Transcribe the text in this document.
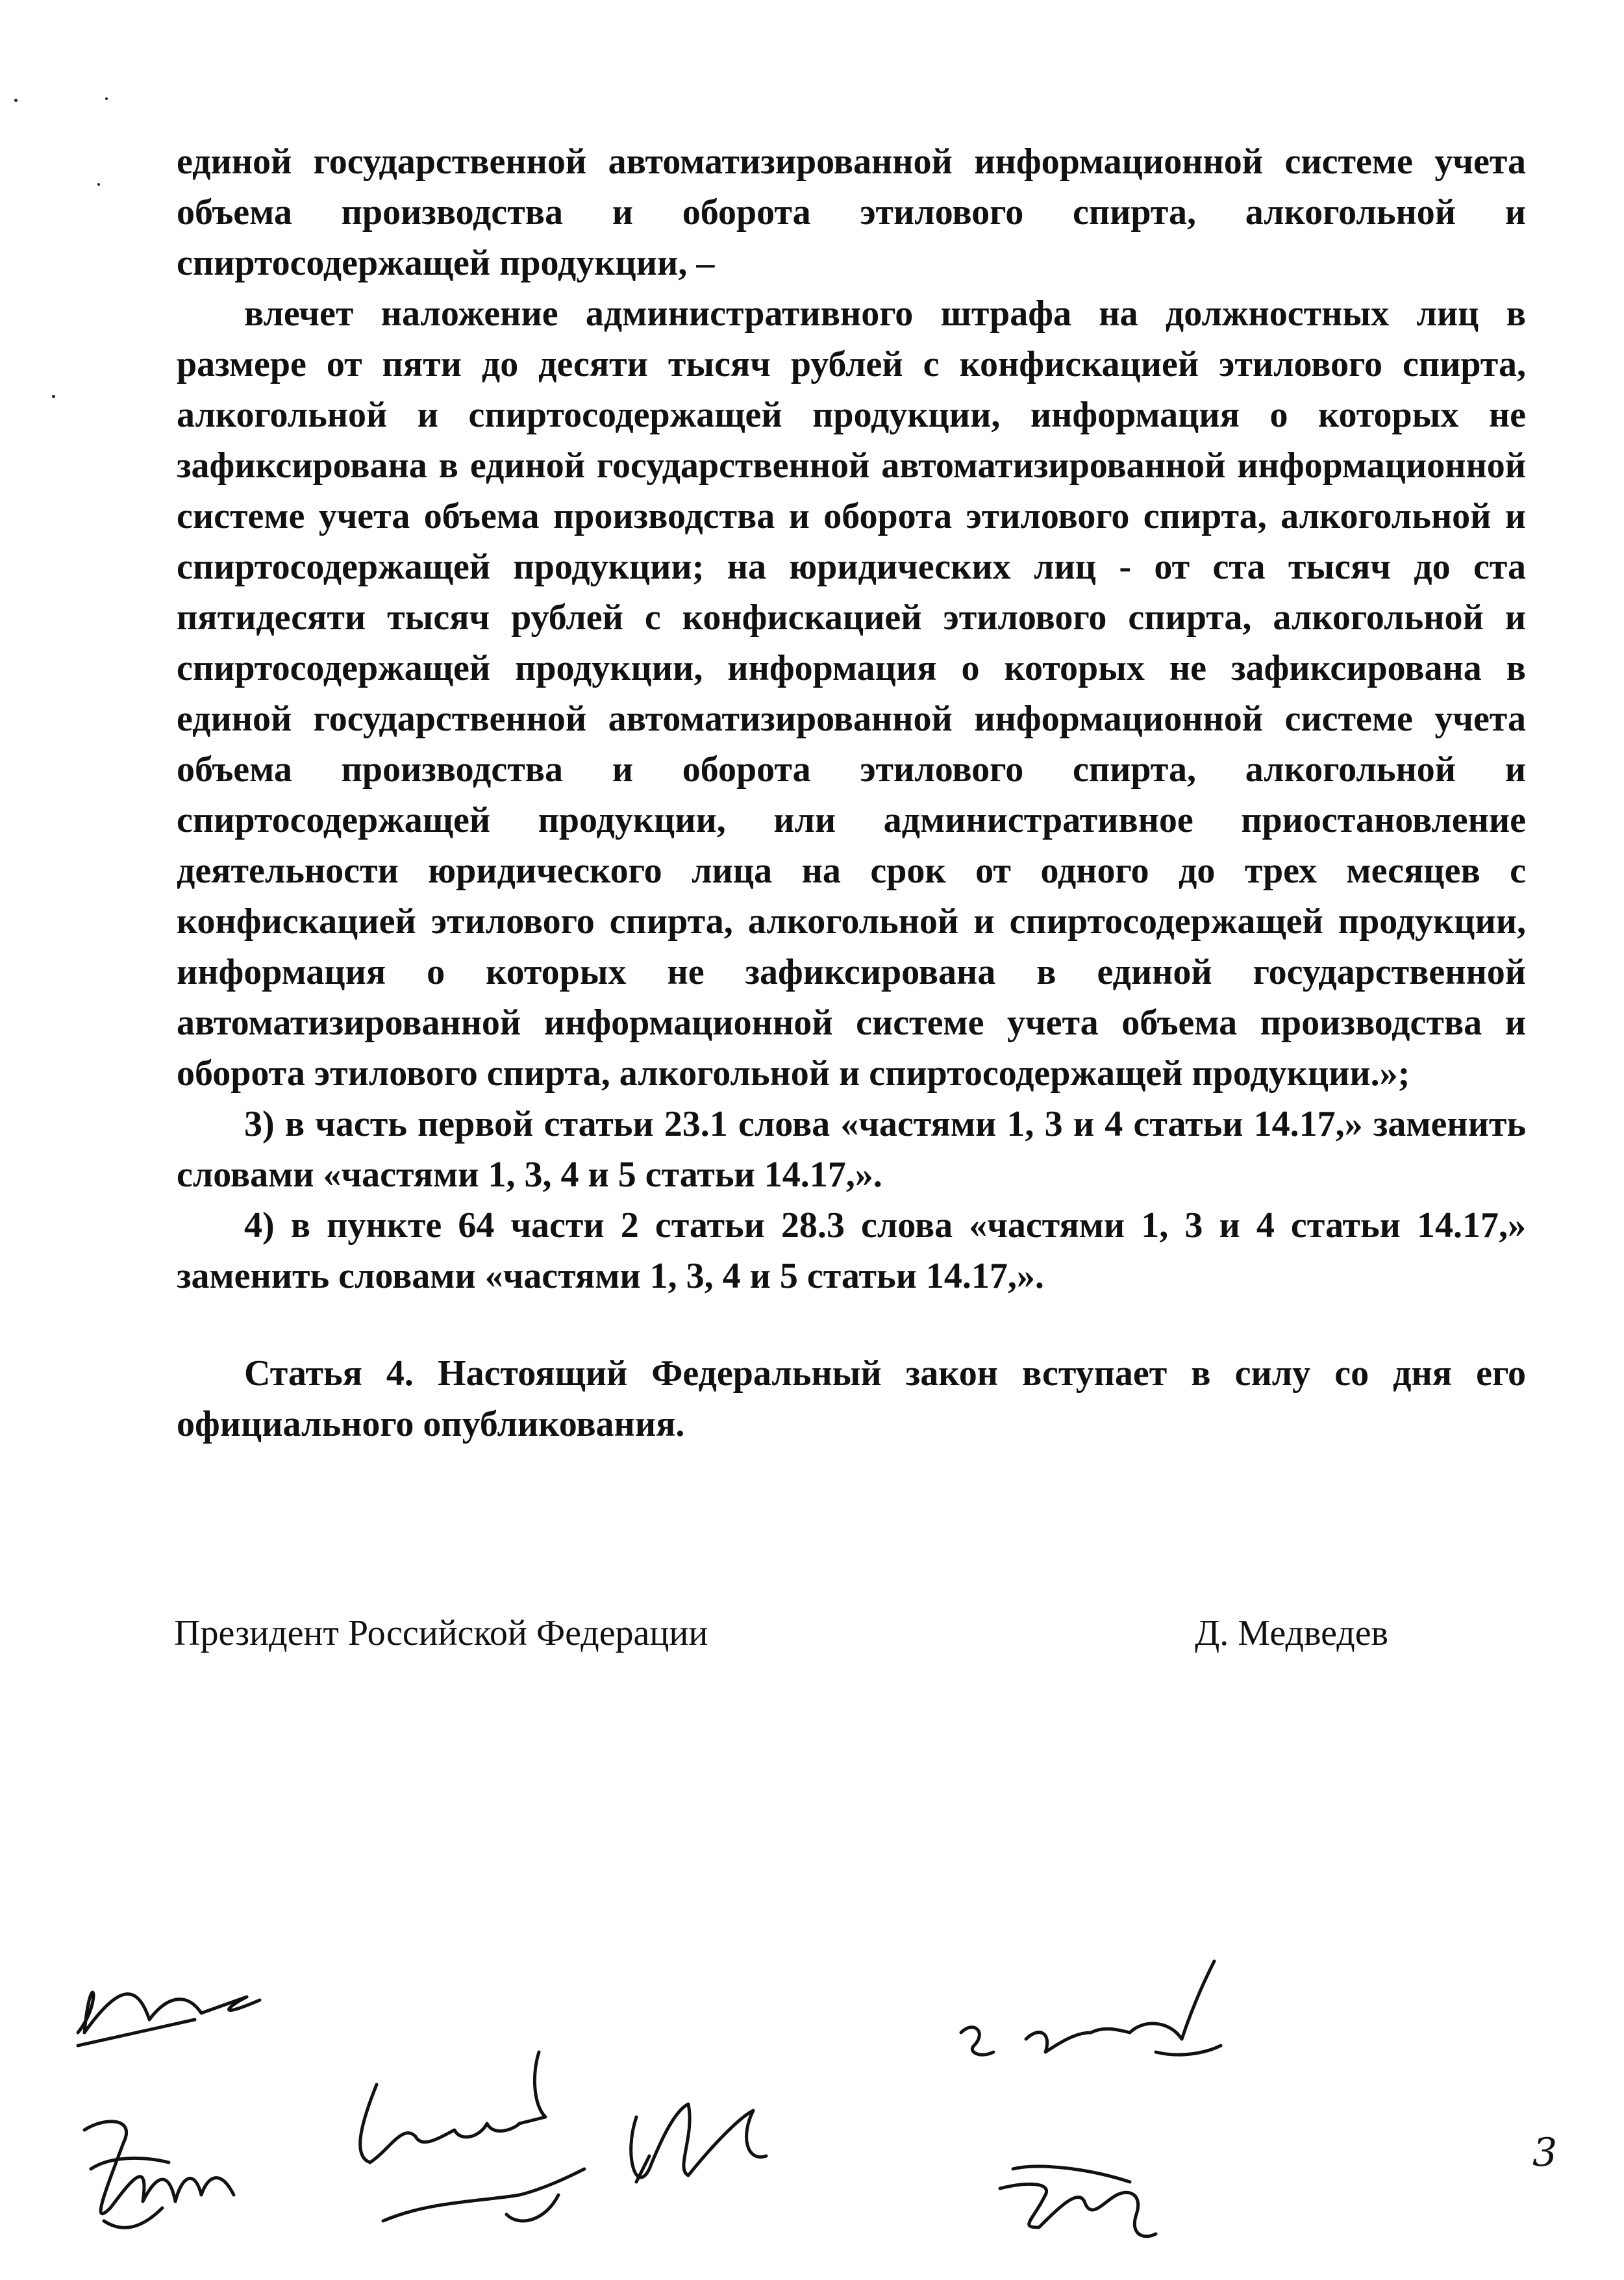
единой государственной автоматизированной информационной системе учета объема производства и оборота этилового спирта, алкогольной и спиртосодержащей продукции, –

влечет наложение административного штрафа на должностных лиц в размере от пяти до десяти тысяч рублей с конфискацией этилового спирта, алкогольной и спиртосодержащей продукции, информация о которых не зафиксирована в единой государственной автоматизированной информационной системе учета объема производства и оборота этилового спирта, алкогольной и спиртосодержащей продукции; на юридических лиц - от ста тысяч до ста пятидесяти тысяч рублей с конфискацией этилового спирта, алкогольной и спиртосодержащей продукции, информация о которых не зафиксирована в единой государственной автоматизированной информационной системе учета объема производства и оборота этилового спирта, алкогольной и спиртосодержащей продукции, или административное приостановление деятельности юридического лица на срок от одного до трех месяцев с конфискацией этилового спирта, алкогольной и спиртосодержащей продукции, информация о которых не зафиксирована в единой государственной автоматизированной информационной системе учета объема производства и оборота этилового спирта, алкогольной и спиртосодержащей продукции.»;

3) в часть первой статьи 23.1 слова «частями 1, 3 и 4 статьи 14.17,» заменить словами «частями 1, 3, 4 и 5 статьи 14.17,».

4) в пункте 64 части 2 статьи 28.3 слова «частями 1, 3 и 4 статьи 14.17,» заменить словами «частями 1, 3, 4 и 5 статьи 14.17,».

Статья 4. Настоящий Федеральный закон вступает в силу со дня его официального опубликования.

Президент Российской Федерации	Д. Медведев
3
